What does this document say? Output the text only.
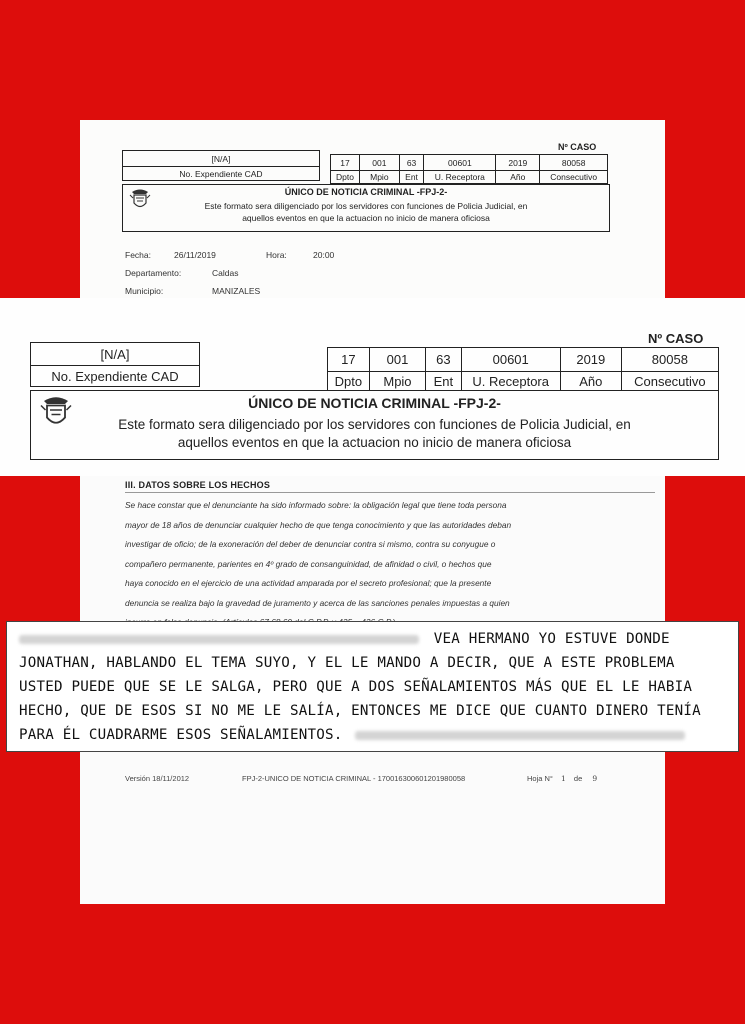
[N/A]
No. Expendiente CAD
Nº CASO
17	001	63	00601	2019	80058
Dpto	Mpio	Ent	U. Receptora	Año	Consecutivo
ÚNICO DE NOTICIA CRIMINAL -FPJ-2-
Este formato sera diligenciado por los servidores con funciones de Policia Judicial, en
aquellos eventos en que la actuacion no inicio de manera oficiosa
Fecha:	26/11/2019	Hora:	20:00
Departamento:	Caldas
Municipio:	MANIZALES
[N/A]
No. Expendiente CAD
Nº CASO
17	001	63	00601	2019	80058
Dpto	Mpio	Ent	U. Receptora	Año	Consecutivo
ÚNICO DE NOTICIA CRIMINAL -FPJ-2-
Este formato sera diligenciado por los servidores con funciones de Policia Judicial, en
aquellos eventos en que la actuacion no inicio de manera oficiosa
III. DATOS SOBRE LOS HECHOS
Se hace constar que el denunciante ha sido informado sobre: la obligación legal que tiene toda persona
mayor de 18 años de denunciar cualquier hecho de que tenga conocimiento y que las autoridades deban
investigar de oficio; de la exoneración del deber de denunciar contra si mismo, contra su conyugue o
compañero permanente, parientes en 4º grado de consanguinidad, de afinidad o civil, o hechos que
haya conocido en el ejercicio de una actividad amparada por el secreto profesional; que la presente
denuncia se realiza bajo la gravedad de juramento y acerca de las sanciones penales impuestas a quien
Versión 18/11/2012	FPJ-2-UNICO DE NOTICIA CRIMINAL - 170016300601201980058	Hoja N° 1 de 9
VEA HERMANO YO ESTUVE DONDE
JONATHAN, HABLANDO EL TEMA SUYO, Y EL LE MANDO A DECIR, QUE A ESTE PROBLEMA
USTED PUEDE QUE SE LE SALGA, PERO QUE A DOS SEÑALAMIENTOS MÁS QUE EL LE HABIA
HECHO, QUE DE ESOS SI NO ME LE SALÍA, ENTONCES ME DICE QUE CUANTO DINERO TENÍA
PARA ÉL CUADRARME ESOS SEÑALAMIENTOS.
